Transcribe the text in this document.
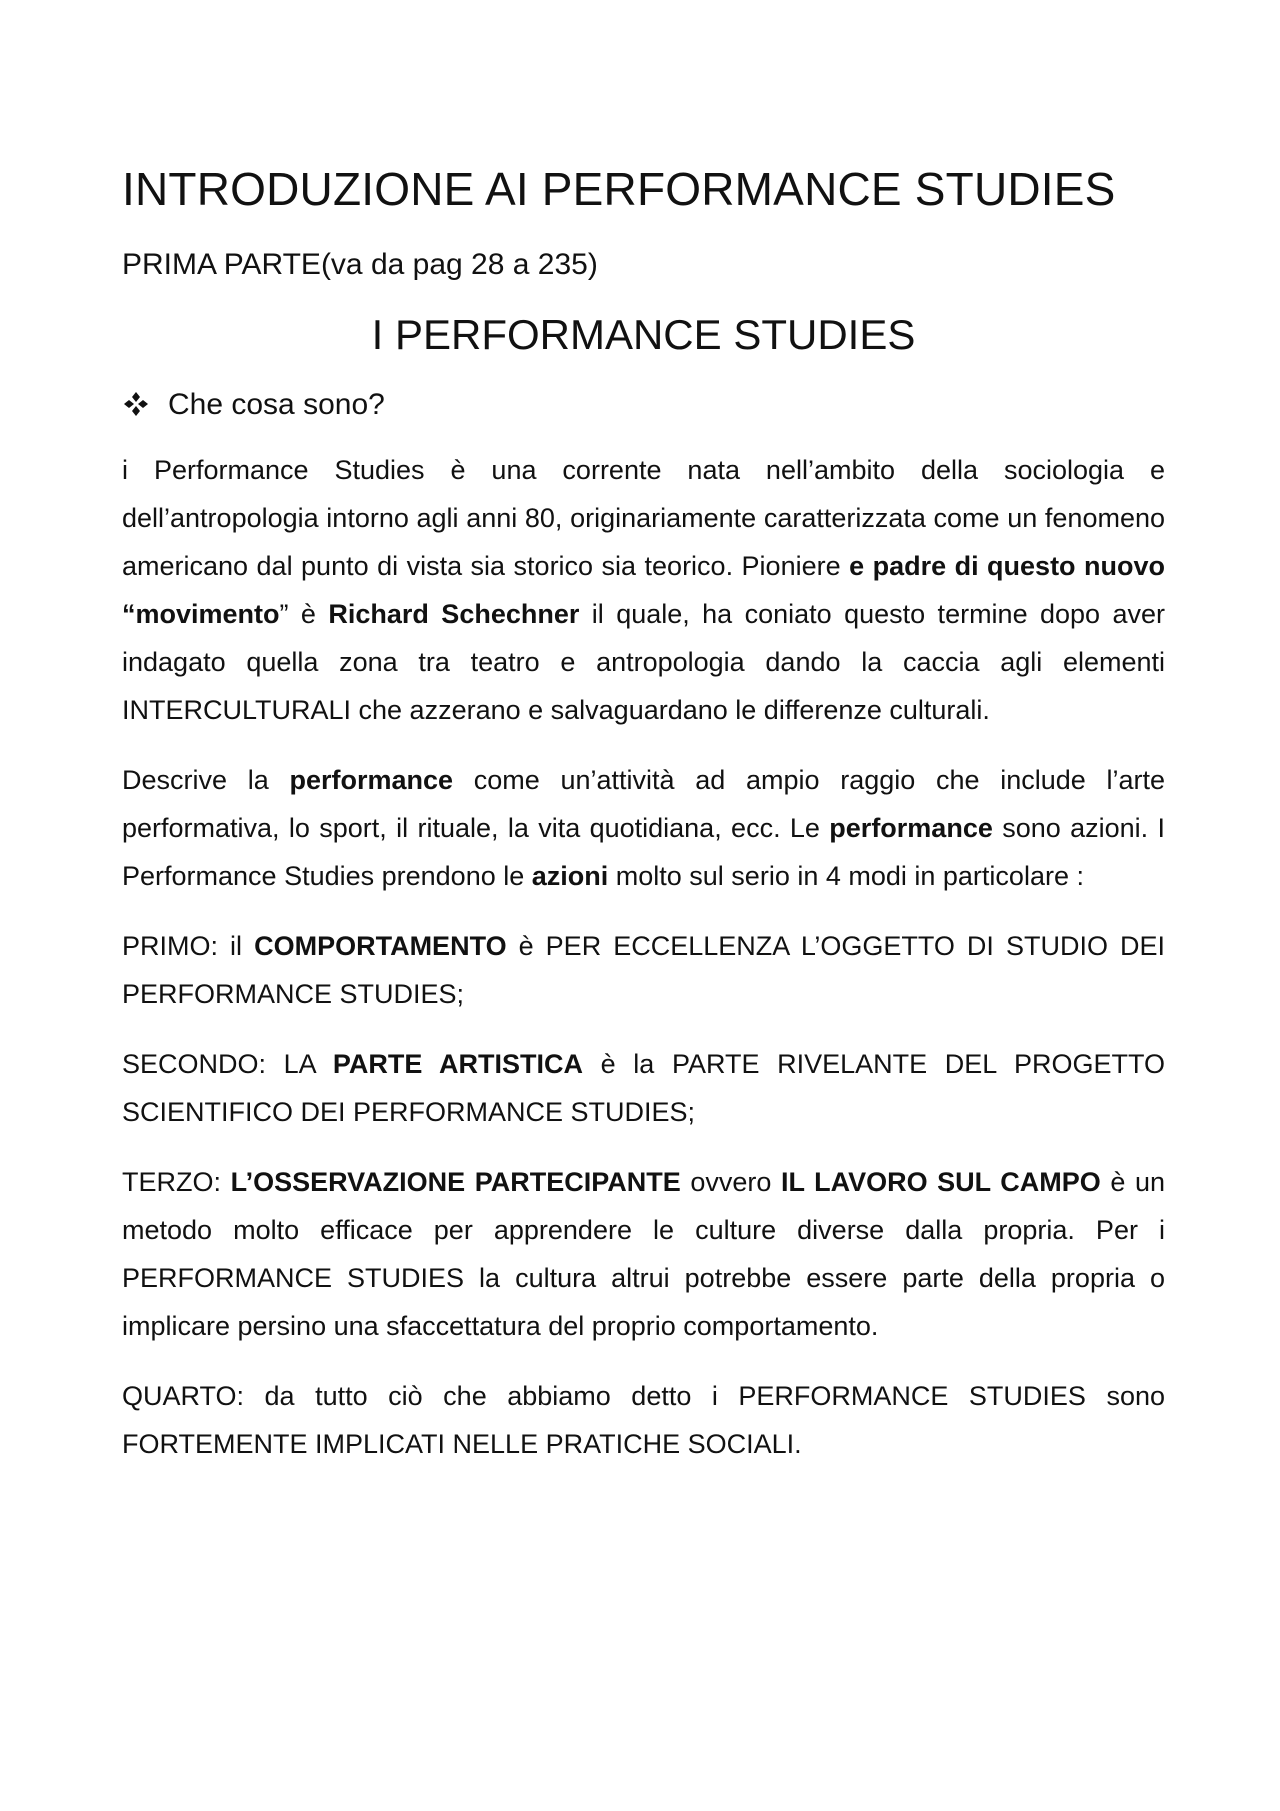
INTRODUZIONE AI PERFORMANCE STUDIES
PRIMA PARTE(va da pag 28 a 235)
I PERFORMANCE STUDIES
Che cosa sono?

i Performance Studies è una corrente nata nell’ambito della sociologia e dell’antropologia intorno agli anni 80, originariamente caratterizzata come un fenomeno americano dal punto di vista sia storico sia teorico. Pioniere e padre di questo nuovo “movimento” è Richard Schechner il quale, ha coniato questo termine dopo aver indagato quella zona tra teatro e antropologia dando la caccia agli elementi INTERCULTURALI che azzerano e salvaguardano le differenze culturali.

Descrive la performance come un’attività ad ampio raggio che include l’arte performativa, lo sport, il rituale, la vita quotidiana, ecc. Le performance sono azioni. I Performance Studies prendono le azioni molto sul serio in 4 modi in particolare :

PRIMO: il COMPORTAMENTO è PER ECCELLENZA L’OGGETTO DI STUDIO DEI PERFORMANCE STUDIES;

SECONDO: LA PARTE ARTISTICA è la PARTE RIVELANTE DEL PROGETTO SCIENTIFICO DEI PERFORMANCE STUDIES;

TERZO: L’OSSERVAZIONE PARTECIPANTE ovvero IL LAVORO SUL CAMPO è un metodo molto efficace per apprendere le culture diverse dalla propria. Per i PERFORMANCE STUDIES la cultura altrui potrebbe essere parte della propria o implicare persino una sfaccettatura del proprio comportamento.

QUARTO: da tutto ciò che abbiamo detto i PERFORMANCE STUDIES sono FORTEMENTE IMPLICATI NELLE PRATICHE SOCIALI.
